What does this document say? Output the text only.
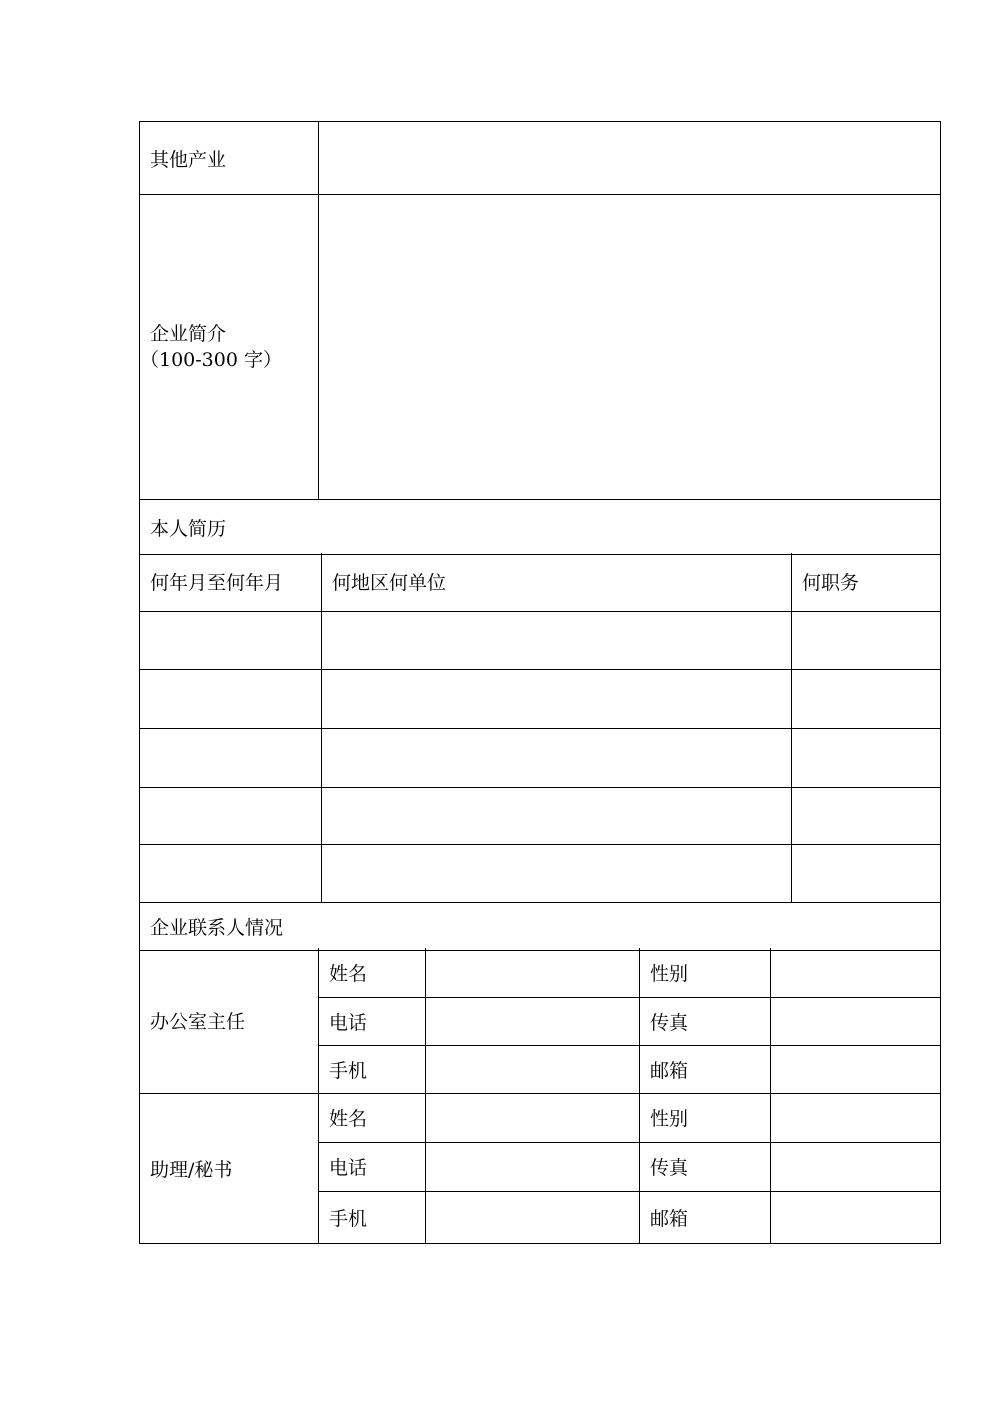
其他产业	

企业简介
（100-300 字）	

本人简历	
何年月至何年月	何地区何单位	何职务

企业联系人情况		
办公室主任	姓名		性别	
	电话		传真	
	手机		邮箱	
助理/秘书	姓名		性别	
	电话		传真	
	手机		邮箱	
